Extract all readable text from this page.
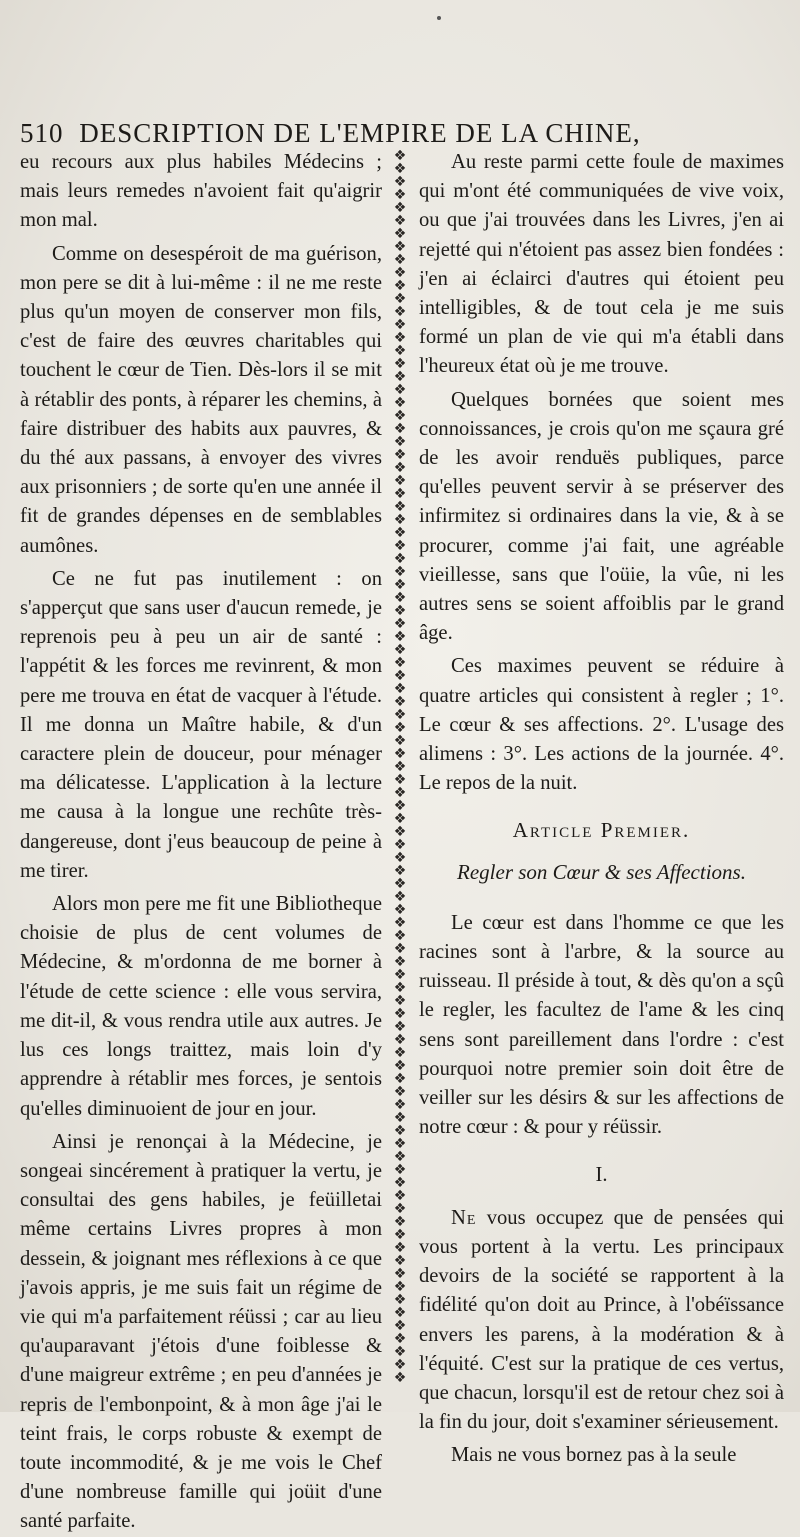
510 DESCRIPTION DE L'EMPIRE DE LA CHINE,

eu recours aux plus habiles Médecins ; mais leurs remedes n'avoient fait qu'aigrir mon mal.

Comme on desespéroit de ma guérison, mon pere se dit à lui-même : il ne me reste plus qu'un moyen de conserver mon fils, c'est de faire des œuvres charitables qui touchent le cœur de Tien. Dès-lors il se mit à rétablir des ponts, à réparer les chemins, à faire distribuer des habits aux pauvres, & du thé aux passans, à envoyer des vivres aux prisonniers ; de sorte qu'en une année il fit de grandes dépenses en de semblables aumônes.

Ce ne fut pas inutilement : on s'apperçut que sans user d'aucun remede, je reprenois peu à peu un air de santé : l'appétit & les forces me revinrent, & mon pere me trouva en état de vacquer à l'étude. Il me donna un Maître habile, & d'un caractere plein de douceur, pour ménager ma délicatesse. L'application à la lecture me causa à la longue une rechûte très-dangereuse, dont j'eus beaucoup de peine à me tirer.

Alors mon pere me fit une Bibliotheque choisie de plus de cent volumes de Médecine, & m'ordonna de me borner à l'étude de cette science : elle vous servira, me dit-il, & vous rendra utile aux autres. Je lus ces longs traittez, mais loin d'y apprendre à rétablir mes forces, je sentois qu'elles diminuoient de jour en jour.

Ainsi je renonçai à la Médecine, je songeai sincérement à pratiquer la vertu, je consultai des gens habiles, je feüilletai même certains Livres propres à mon dessein, & joignant mes réflexions à ce que j'avois appris, je me suis fait un régime de vie qui m'a parfaitement réüssi ; car au lieu qu'auparavant j'étois d'une foiblesse & d'une maigreur extrême ; en peu d'années je repris de l'embonpoint, & à mon âge j'ai le teint frais, le corps robuste & exempt de toute incommodité, & je me vois le Chef d'une nombreuse famille qui joüit d'une santé parfaite.

❖
❖
❖
❖
❖
❖
❖
❖
❖
❖
❖
❖
❖
❖
❖
❖
❖
❖
❖
❖
❖
❖
❖
❖
❖
❖
❖
❖
❖
❖
❖
❖
❖
❖
❖
❖
❖
❖
❖
❖
❖
❖
❖
❖
❖
❖
❖
❖
❖
❖
❖
❖
❖
❖
❖
❖
❖
❖
❖
❖
❖
❖
❖
❖
❖
❖
❖
❖
❖
❖
❖
❖
❖
❖
❖
❖
❖
❖
❖
❖
❖
❖
❖
❖
❖
❖
❖
❖
❖
❖
❖
❖
❖
❖
❖

Au reste parmi cette foule de maximes qui m'ont été communiquées de vive voix, ou que j'ai trouvées dans les Livres, j'en ai rejetté qui n'étoient pas assez bien fondées : j'en ai éclairci d'autres qui étoient peu intelligibles, & de tout cela je me suis formé un plan de vie qui m'a établi dans l'heureux état où je me trouve.

Quelques bornées que soient mes connoissances, je crois qu'on me sçaura gré de les avoir renduës publiques, parce qu'elles peuvent servir à se préserver des infirmitez si ordinaires dans la vie, & à se procurer, comme j'ai fait, une agréable vieillesse, sans que l'oüie, la vûe, ni les autres sens se soient affoiblis par le grand âge.

Ces maximes peuvent se réduire à quatre articles qui consistent à regler ; 1°. Le cœur & ses affections. 2°. L'usage des alimens : 3°. Les actions de la journée. 4°. Le repos de la nuit.

Article Premier.

Regler son Cœur & ses Affections.

Le cœur est dans l'homme ce que les racines sont à l'arbre, & la source au ruisseau. Il préside à tout, & dès qu'on a sçû le regler, les facultez de l'ame & les cinq sens sont pareillement dans l'ordre : c'est pourquoi notre premier soin doit être de veiller sur les désirs & sur les affections de notre cœur : & pour y réüssir.

I.

Ne vous occupez que de pensées qui vous portent à la vertu. Les principaux devoirs de la société se rapportent à la fidélité qu'on doit au Prince, à l'obéïssance envers les parens, à la modération & à l'équité. C'est sur la pratique de ces vertus, que chacun, lorsqu'il est de retour chez soi à la fin du jour, doit s'examiner sérieusement.

Mais ne vous bornez pas à la seule
